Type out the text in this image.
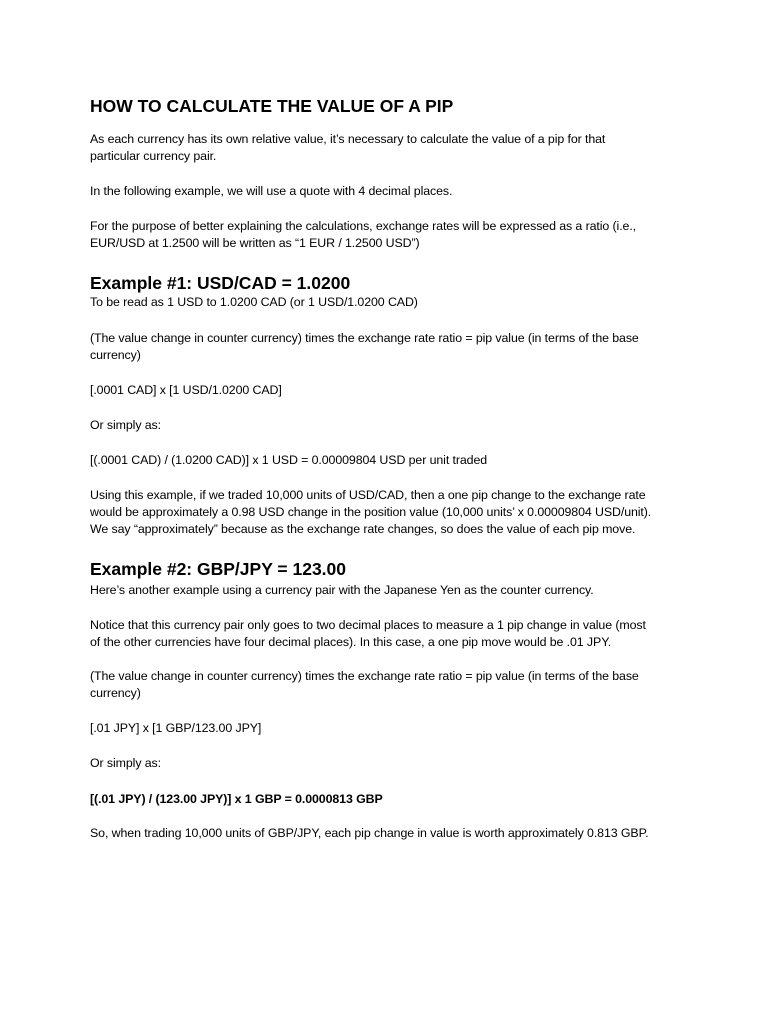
HOW TO CALCULATE THE VALUE OF A PIP
As each currency has its own relative value, it’s necessary to calculate the value of a pip for that
particular currency pair.
In the following example, we will use a quote with 4 decimal places.
For the purpose of better explaining the calculations, exchange rates will be expressed as a ratio (i.e.,
EUR/USD at 1.2500 will be written as “1 EUR / 1.2500 USD”)
Example #1: USD/CAD = 1.0200
To be read as 1 USD to 1.0200 CAD (or 1 USD/1.0200 CAD)
(The value change in counter currency) times the exchange rate ratio = pip value (in terms of the base
currency)
[.0001 CAD] x [1 USD/1.0200 CAD]
Or simply as:
[(.0001 CAD) / (1.0200 CAD)] x 1 USD = 0.00009804 USD per unit traded
Using this example, if we traded 10,000 units of USD/CAD, then a one pip change to the exchange rate
would be approximately a 0.98 USD change in the position value (10,000 units’ x 0.00009804 USD/unit).
We say “approximately” because as the exchange rate changes, so does the value of each pip move.
Example #2: GBP/JPY = 123.00
Here’s another example using a currency pair with the Japanese Yen as the counter currency.
Notice that this currency pair only goes to two decimal places to measure a 1 pip change in value (most
of the other currencies have four decimal places). In this case, a one pip move would be .01 JPY.
(The value change in counter currency) times the exchange rate ratio = pip value (in terms of the base
currency)
[.01 JPY] x [1 GBP/123.00 JPY]
Or simply as:
[(.01 JPY) / (123.00 JPY)] x 1 GBP = 0.0000813 GBP
So, when trading 10,000 units of GBP/JPY, each pip change in value is worth approximately 0.813 GBP.
